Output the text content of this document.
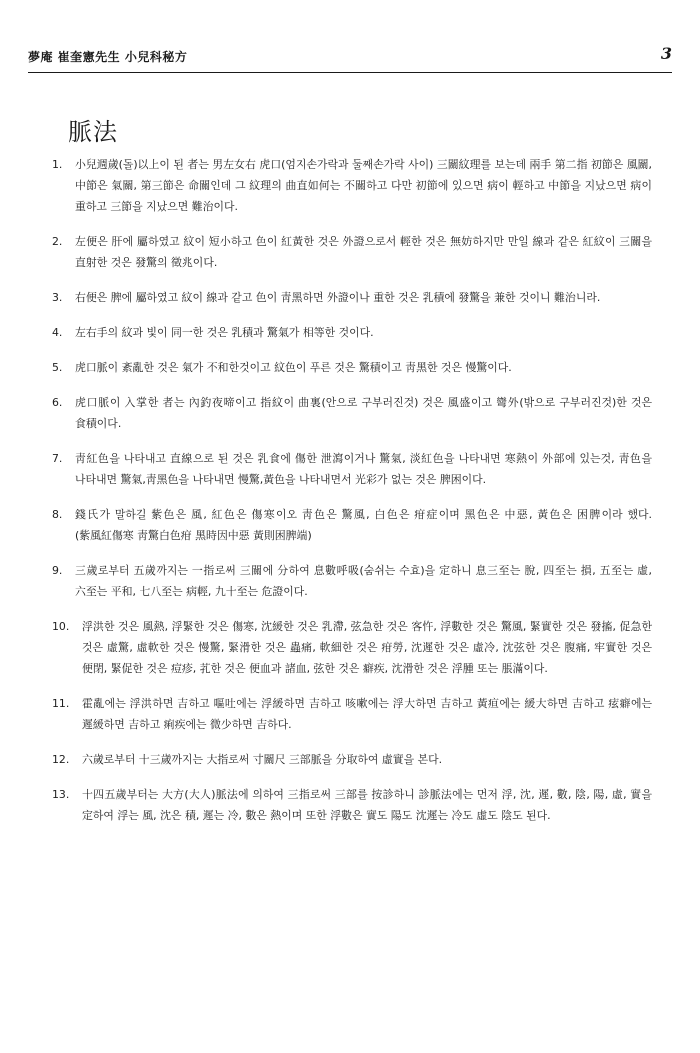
夢庵 崔奎憲先生 小兒科秘方	3
脈法
1. 小兒週歲(돌)以上이 된 者는 男左女右 虎口(엄지손가락과 둘째손가락 사이) 三關紋理를 보는데 兩手 第二指 初節은 風關, 中節은 氣關, 第三節은 命關인데 그 紋理의 曲直如何는 不關하고 다만 初節에 있으면 病이 輕하고 中節을 지났으면 病이 重하고 三節을 지났으면 難治이다.
2. 左便은 肝에 屬하였고 紋이 短小하고 色이 紅黃한 것은 外證으로서 輕한 것은 無妨하지만 만일 線과 같은 紅紋이 三關을 直射한 것은 發驚의 徵兆이다.
3. 右便은 脾에 屬하였고 紋이 線과 같고 色이 靑黑하면 外證이나 重한 것은 乳積에 發驚을 兼한 것이니 難治니라.
4. 左右手의 紋과 빛이 同一한 것은 乳積과 驚氣가 相等한 것이다.
5. 虎口脈이 紊亂한 것은 氣가 不和한것이고 紋色이 푸른 것은 驚積이고 靑黑한 것은 慢驚이다.
6. 虎口脈이 入掌한 者는 內釣夜啼이고 指紋이 曲裏(안으로 구부러진것) 것은 風盛이고 彎外(밖으로 구부러진것)한 것은 食積이다.
7. 靑紅色을 나타내고 直線으로 된 것은 乳食에 傷한 泄瀉이거나 驚氣, 淡紅色을 나타내면 寒熱이 外部에 있는것, 靑色을 나타내면 驚氣,靑黑色을 나타내면 慢驚,黃色을 나타내면서 光彩가 없는 것은 脾困이다.
8. 錢氏가 말하길 紫色은 風, 紅色은 傷寒이오 靑色은 驚風, 白色은 疳症이며 黑色은 中惡, 黃色은 困脾이라 했다.(紫風紅傷寒 靑驚白色疳 黑時因中惡 黃則困脾端)
9. 三歲로부터 五歲까지는 一指로써 三關에 分하여 息數呼吸(숨쉬는 수효)을 定하니 息三至는 脫, 四至는 損, 五至는 虛, 六至는 平和, 七八至는 病輕, 九十至는 危證이다.
10. 浮洪한 것은 風熱, 浮緊한 것은 傷寒, 沈緩한 것은 乳滯, 弦急한 것은 客忤, 浮數한 것은 驚風, 緊實한 것은 發搐, 促急한 것은 虛驚, 虛軟한 것은 慢驚, 緊滑한 것은 蟲痛, 軟細한 것은 疳勞, 沈遲한 것은 虛冷, 沈弦한 것은 腹痛, 牢實한 것은 便閉, 緊促한 것은 痘疹, 芤한 것은 便血과 諸血, 弦한 것은 癖疾, 沈滑한 것은 浮腫 또는 脹滿이다.
11. 霍亂에는 浮洪하면 吉하고 嘔吐에는 浮緩하면 吉하고 咳嗽에는 浮大하면 吉하고 黃疸에는 緩大하면 吉하고 痃癖에는 遲緩하면 吉하고 痢疾에는 微少하면 吉하다.
12. 六歲로부터 十三歲까지는 大指로써 寸關尺 三部脈을 分取하여 虛實을 본다.
13. 十四五歲부터는 大方(大人)脈法에 의하여 三指로써 三部를 按診하니 診脈法에는 먼저 浮, 沈, 遲, 數, 陰, 陽, 虛, 實을 定하여 浮는 風, 沈은 積, 遲는 冷, 數은 熱이며 또한 浮數은 實도 陽도 沈遲는 冷도 虛도 陰도 된다.
